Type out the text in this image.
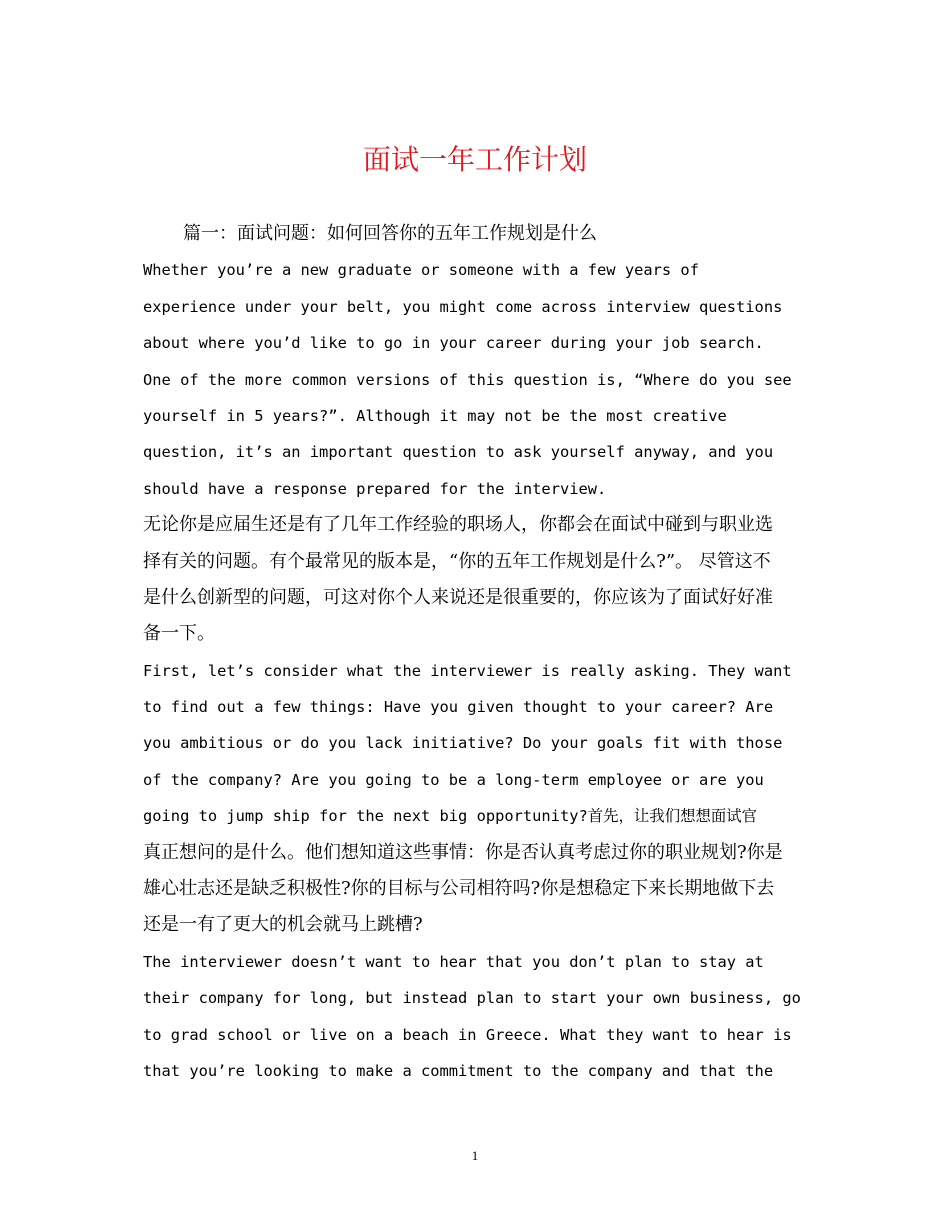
面试一年工作计划
篇一：面试问题：如何回答你的五年工作规划是什么
Whether you’re a new graduate or someone with a few years of
experience under your belt, you might come across interview questions
about where you’d like to go in your career during your job search.
One of the more common versions of this question is, “Where do you see
yourself in 5 years?”. Although it may not be the most creative
question, it’s an important question to ask yourself anyway, and you
should have a response prepared for the interview.
无论你是应届生还是有了几年工作经验的职场人，你都会在面试中碰到与职业选
择有关的问题。有个最常见的版本是，“你的五年工作规划是什么?”。 尽管这不
是什么创新型的问题，可这对你个人来说还是很重要的，你应该为了面试好好准
备一下。
First, let’s consider what the interviewer is really asking. They want
to find out a few things: Have you given thought to your career? Are
you ambitious or do you lack initiative? Do your goals fit with those
of the company? Are you going to be a long-term employee or are you
going to jump ship for the next big opportunity?首先，让我们想想面试官
真正想问的是什么。他们想知道这些事情：你是否认真考虑过你的职业规划?你是
雄心壮志还是缺乏积极性?你的目标与公司相符吗?你是想稳定下来长期地做下去
还是一有了更大的机会就马上跳槽?
The interviewer doesn’t want to hear that you don’t plan to stay at
their company for long, but instead plan to start your own business, go
to grad school or live on a beach in Greece. What they want to hear is
that you’re looking to make a commitment to the company and that the
1
